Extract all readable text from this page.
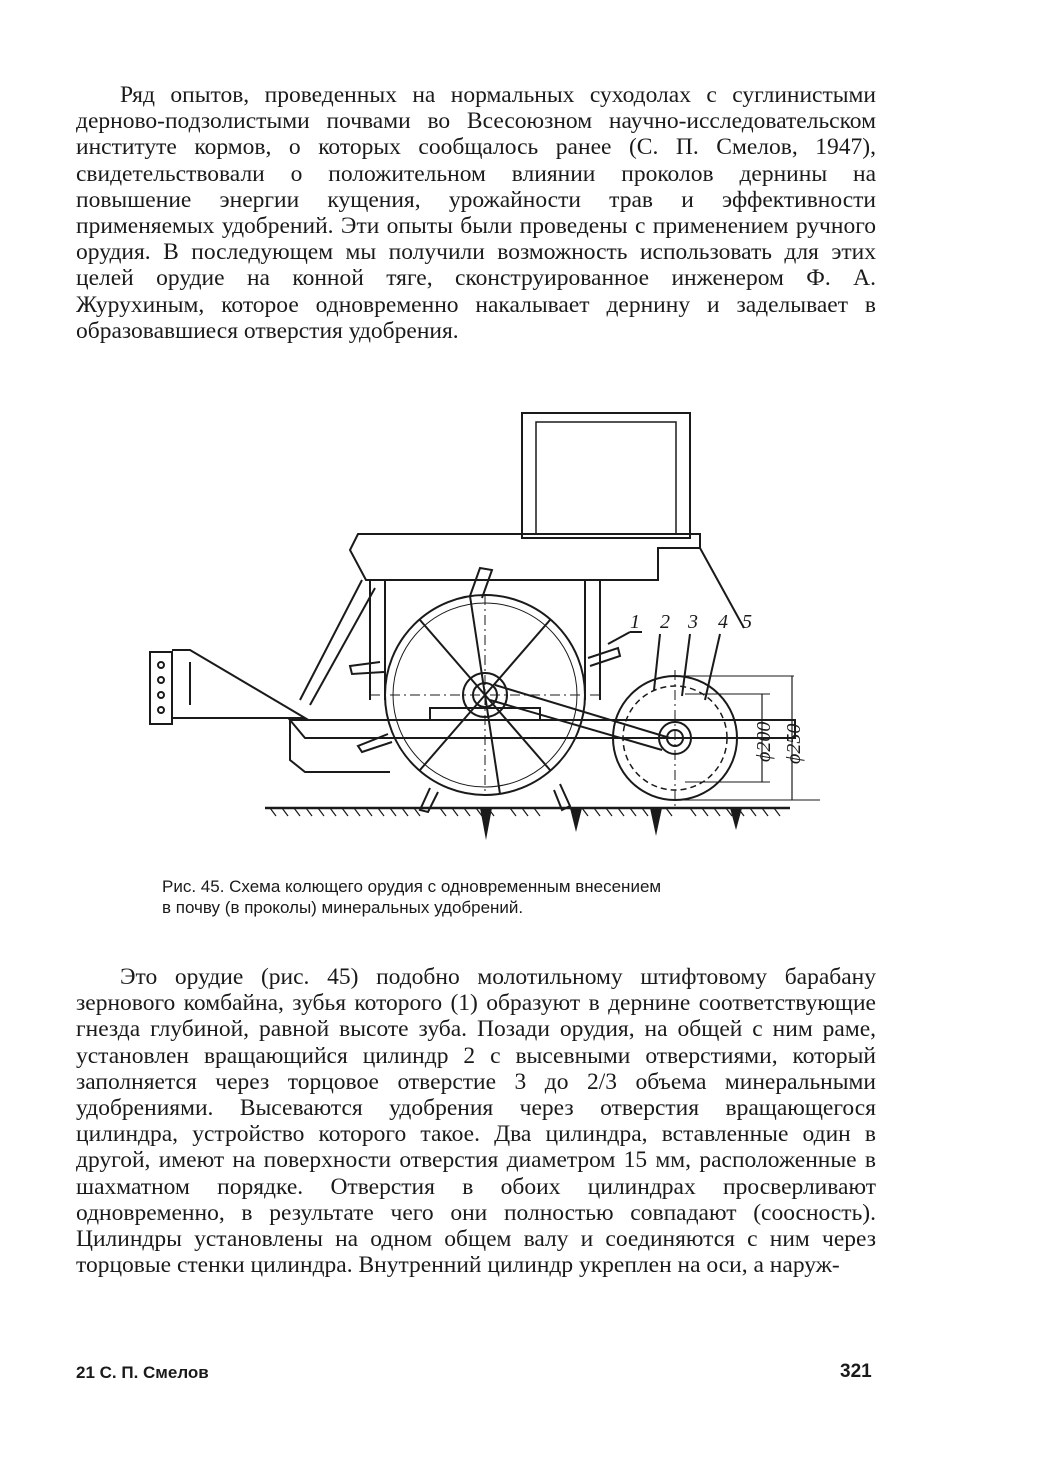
Ряд опытов, проведенных на нормальных суходолах с суглинистыми дерново-подзолистыми почвами во Всесоюзном научно-исследовательском институте кормов, о которых сообщалось ранее (С. П. Смелов, 1947), свидетельствовали о положительном влиянии проколов дернины на повышение энергии кущения, урожайности трав и эффективности применяемых удобрений. Эти опыты были проведены с применением ручного орудия. В последующем мы получили возможность использовать для этих целей орудие на конной тяге, сконструированное инженером Ф. А. Журухиным, которое одновременно накалывает дернину и заделывает в образовавшиеся отверстия удобрения.

1 2 3 4 5
ϕ200 ϕ250
Рис. 45. Схема колющего орудия с одновременным внесением
в почву (в проколы) минеральных удобрений.

Это орудие (рис. 45) подобно молотильному штифтовому барабану зернового комбайна, зубья которого (1) образуют в дернине соответствующие гнезда глубиной, равной высоте зуба. Позади орудия, на общей с ним раме, установлен вращающийся цилиндр 2 с высевными отверстиями, который заполняется через торцовое отверстие 3 до 2/3 объема минеральными удобрениями. Высеваются удобрения через отверстия вращающегося цилиндра, устройство которого такое. Два цилиндра, вставленные один в другой, имеют на поверхности отверстия диаметром 15 мм, расположенные в шахматном порядке. Отверстия в обоих цилиндрах просверливают одновременно, в результате чего они полностью совпадают (соосность). Цилиндры установлены на одном общем валу и соединяются с ним через торцовые стенки цилиндра. Внутренний цилиндр укреплен на оси, а наруж-

21 С. П. Смелов	321
